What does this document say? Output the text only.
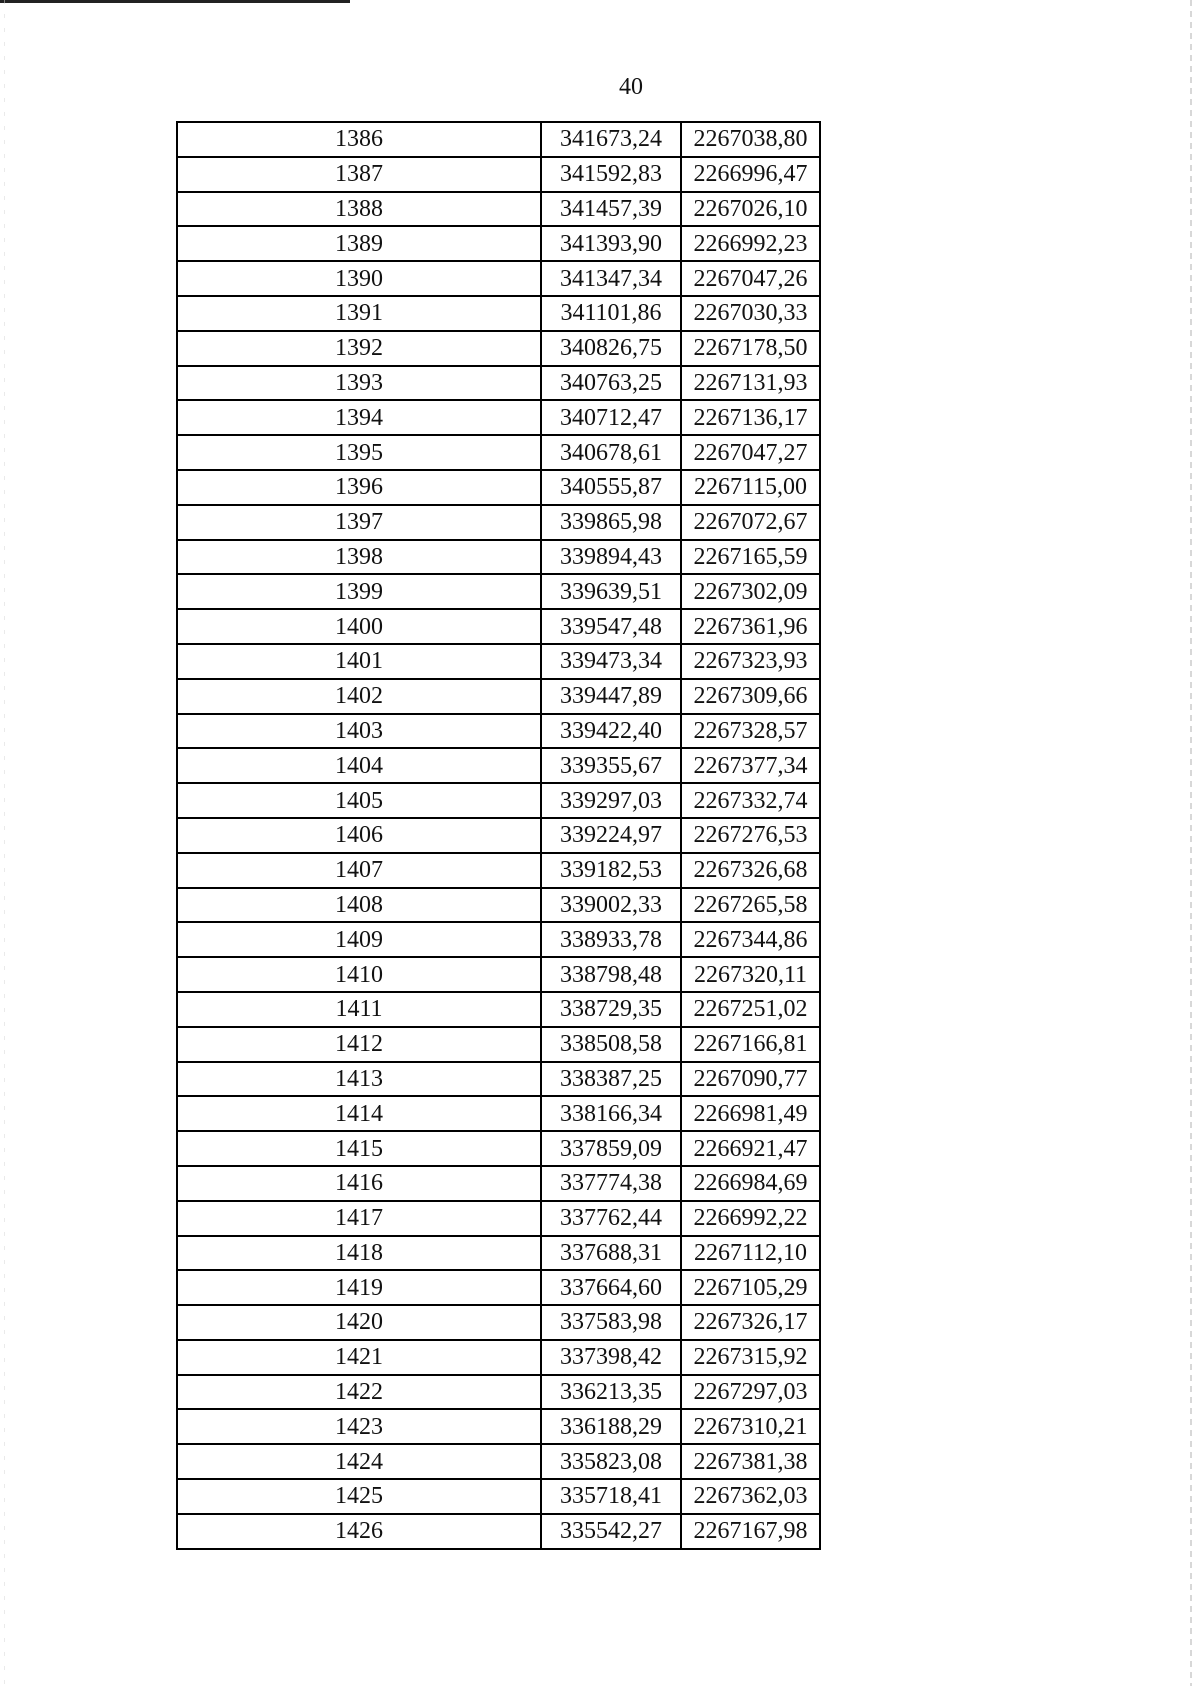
40
1386	341673,24	2267038,80
1387	341592,83	2266996,47
1388	341457,39	2267026,10
1389	341393,90	2266992,23
1390	341347,34	2267047,26
1391	341101,86	2267030,33
1392	340826,75	2267178,50
1393	340763,25	2267131,93
1394	340712,47	2267136,17
1395	340678,61	2267047,27
1396	340555,87	2267115,00
1397	339865,98	2267072,67
1398	339894,43	2267165,59
1399	339639,51	2267302,09
1400	339547,48	2267361,96
1401	339473,34	2267323,93
1402	339447,89	2267309,66
1403	339422,40	2267328,57
1404	339355,67	2267377,34
1405	339297,03	2267332,74
1406	339224,97	2267276,53
1407	339182,53	2267326,68
1408	339002,33	2267265,58
1409	338933,78	2267344,86
1410	338798,48	2267320,11
1411	338729,35	2267251,02
1412	338508,58	2267166,81
1413	338387,25	2267090,77
1414	338166,34	2266981,49
1415	337859,09	2266921,47
1416	337774,38	2266984,69
1417	337762,44	2266992,22
1418	337688,31	2267112,10
1419	337664,60	2267105,29
1420	337583,98	2267326,17
1421	337398,42	2267315,92
1422	336213,35	2267297,03
1423	336188,29	2267310,21
1424	335823,08	2267381,38
1425	335718,41	2267362,03
1426	335542,27	2267167,98
